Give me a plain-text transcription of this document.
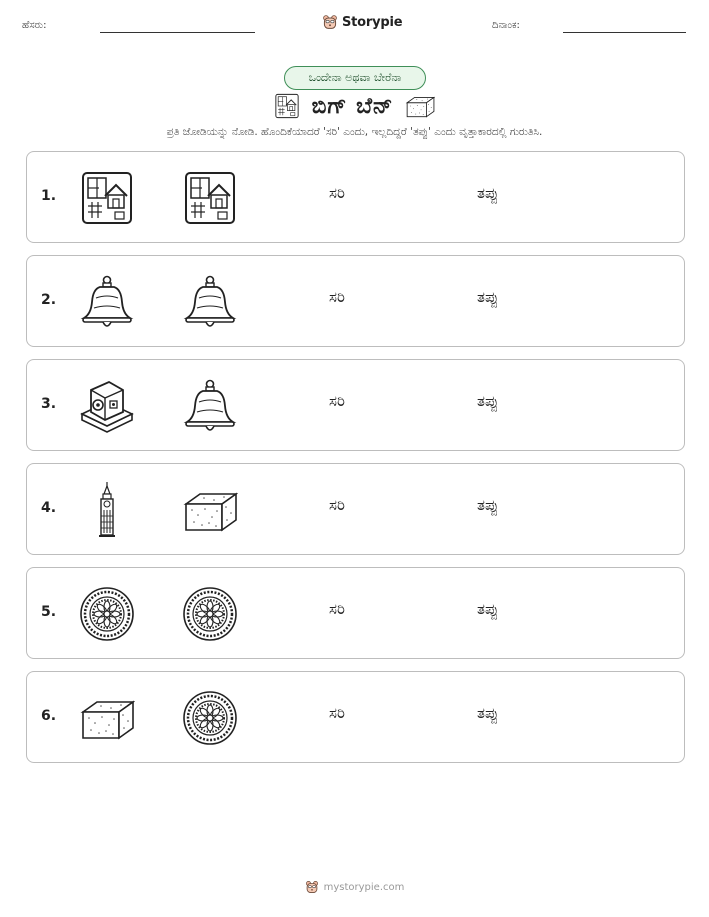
ಹೆಸರು:	Storypie	ದಿನಾಂಕ:
ಒಂದೇನಾ ಅಥವಾ ಬೇರೆನಾ
ಬಿಗ್ ಬೆನ್
ಪ್ರತಿ ಜೋಡಿಯನ್ನು ನೋಡಿ. ಹೊಂದಿಕೆಯಾದರೆ 'ಸರಿ' ಎಂದು, ಇಲ್ಲದಿದ್ದರೆ 'ತಪ್ಪು' ಎಂದು ವೃತ್ತಾಕಾರದಲ್ಲಿ ಗುರುತಿಸಿ.
1.	ಸರಿ	ತಪ್ಪು
2.	ಸರಿ	ತಪ್ಪು
3.	ಸರಿ	ತಪ್ಪು
4.	ಸರಿ	ತಪ್ಪು
5.	ಸರಿ	ತಪ್ಪು
6.	ಸರಿ	ತಪ್ಪು
mystorypie.com
